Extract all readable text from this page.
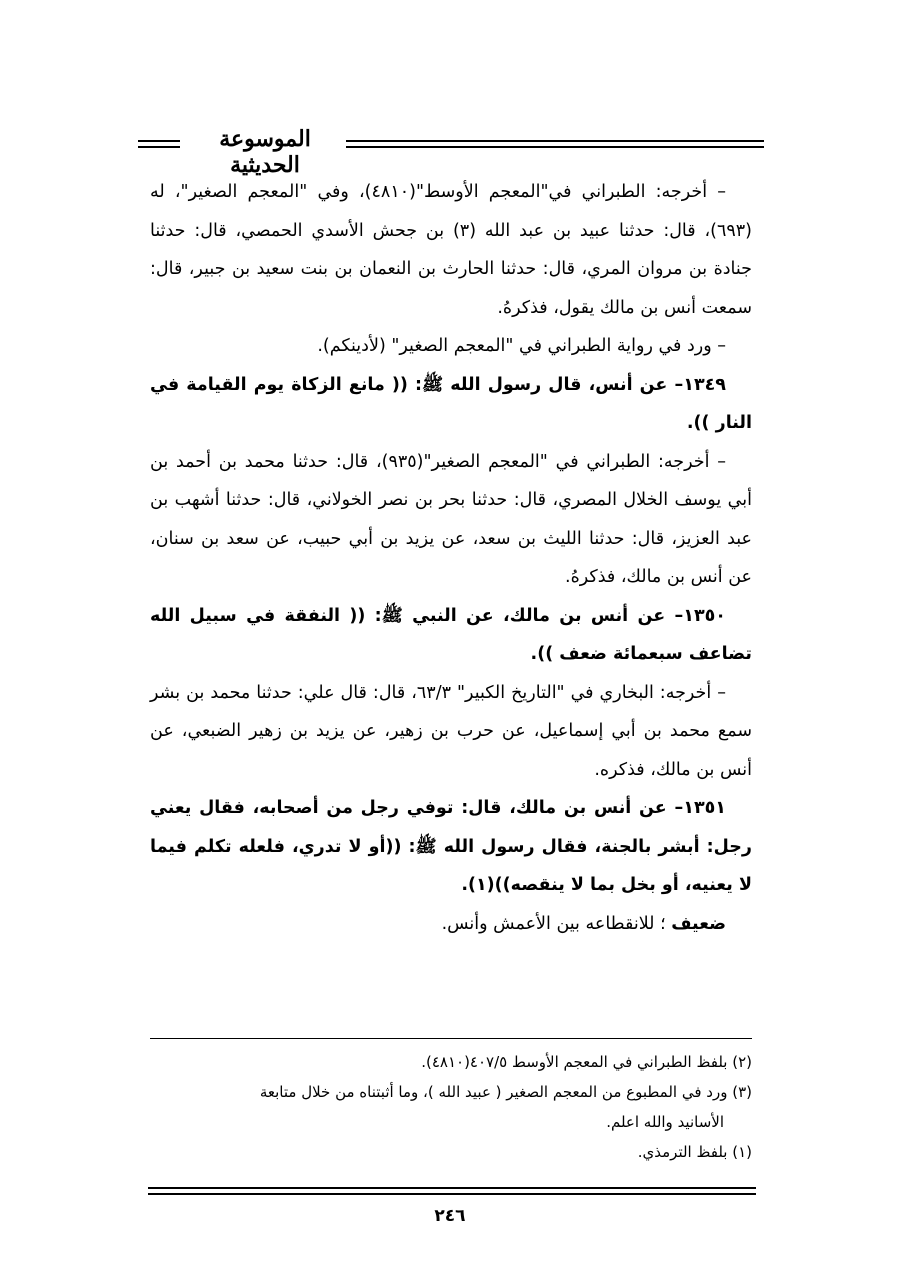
الموسوعة الحديثية

– أخرجه: الطبراني في"المعجم الأوسط"(٤٨١٠)، وفي "المعجم الصغير"، له (٦٩٣)، قال: حدثنا عبيد بن عبد الله (٣) بن جحش الأسدي الحمصي، قال: حدثنا جنادة بن مروان المري، قال: حدثنا الحارث بن النعمان بن بنت سعيد بن جبير، قال: سمعت أنس بن مالك يقول، فذكرهُ.

– ورد في رواية الطبراني في "المعجم الصغير" (لأدينكم).

١٣٤٩– عن أنس، قال رسول الله ﷺ: (( مانع الزكاة يوم القيامة في النار )).

– أخرجه: الطبراني في "المعجم الصغير"(٩٣٥)، قال: حدثنا محمد بن أحمد بن أبي يوسف الخلال المصري، قال: حدثنا بحر بن نصر الخولاني، قال: حدثنا أشهب بن عبد العزيز، قال: حدثنا الليث بن سعد، عن يزيد بن أبي حبيب، عن سعد بن سنان، عن أنس بن مالك، فذكرهُ.

١٣٥٠– عن أنس بن مالك، عن النبي ﷺ: (( النفقة في سبيل الله تضاعف سبعمائة ضعف )).

– أخرجه: البخاري في "التاريخ الكبير" ٦٣/٣، قال: قال علي: حدثنا محمد بن بشر سمع محمد بن أبي إسماعيل، عن حرب بن زهير، عن يزيد بن زهير الضبعي، عن أنس بن مالك، فذكره.

١٣٥١– عن أنس بن مالك، قال: توفي رجل من أصحابه، فقال يعني رجل: أبشر بالجنة، فقال رسول الله ﷺ: ((أو لا تدري، فلعله تكلم فيما لا يعنيه، أو بخل بما لا ينقصه))(١).

ضعيف ؛ للانقطاعه بين الأعمش وأنس.

(٢) بلفظ الطبراني في المعجم الأوسط ٤٠٧/٥(٤٨١٠).

(٣) ورد في المطبوع من المعجم الصغير ( عبيد الله )، وما أثبتناه من خلال متابعة

الأسانيد والله اعلم.

(١) بلفظ الترمذي.

٢٤٦
